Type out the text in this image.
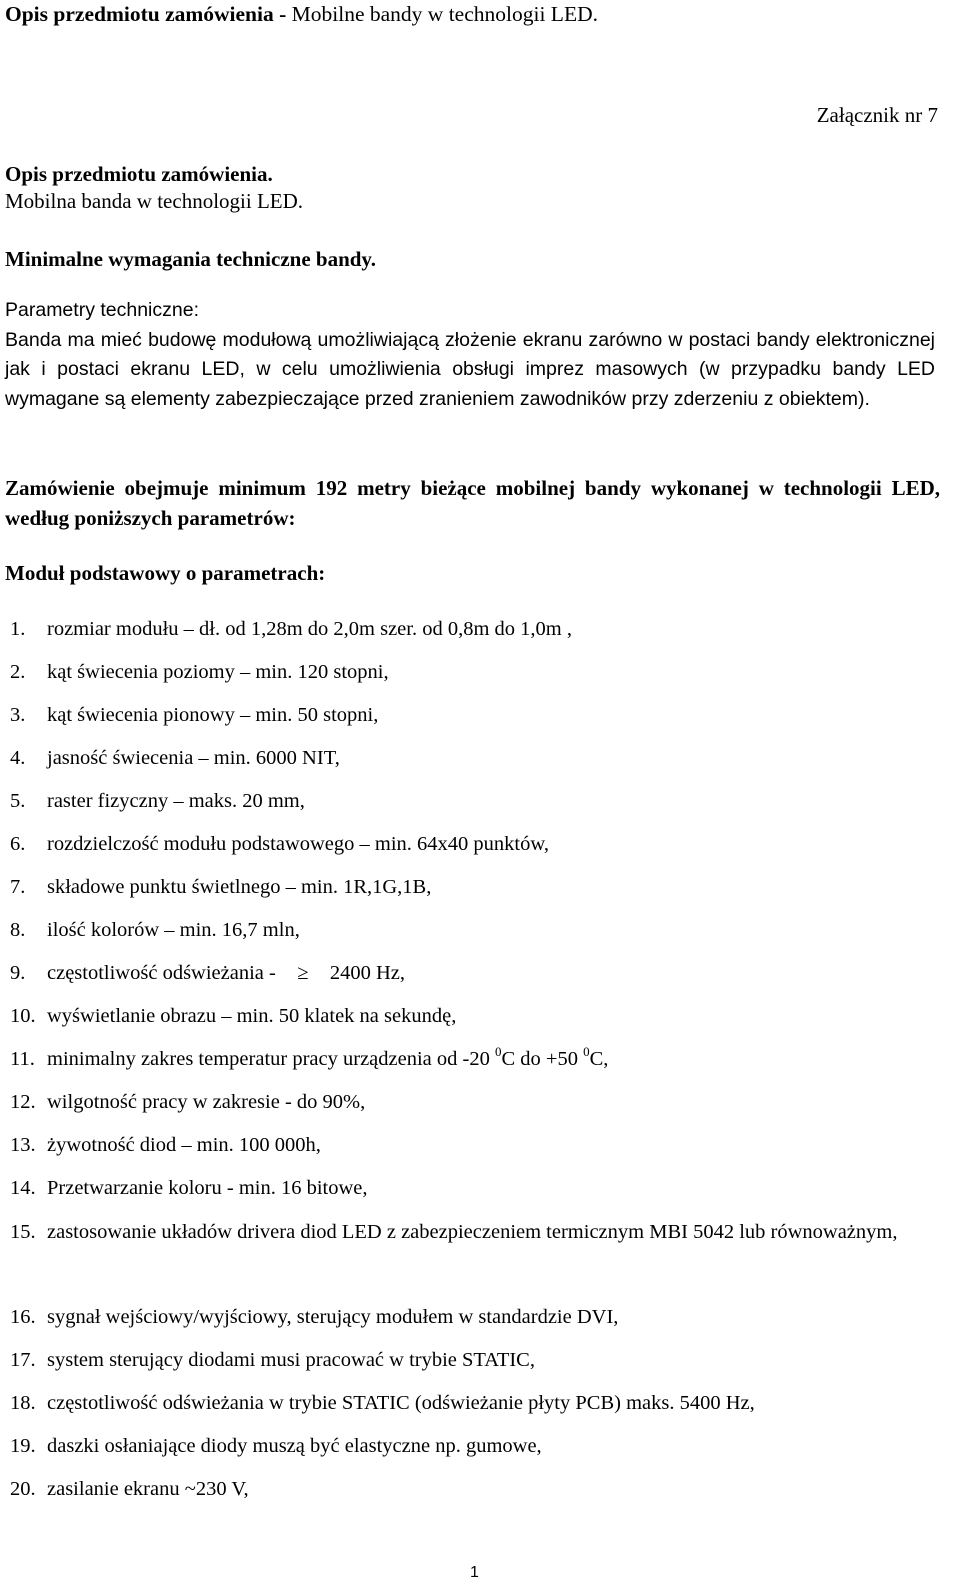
Opis przedmiotu zamówienia - Mobilne bandy w technologii LED.
Załącznik nr 7
Opis przedmiotu zamówienia.
Mobilna banda w technologii LED.
Minimalne wymagania techniczne bandy.
Parametry techniczne:
Banda ma mieć budowę modułową umożliwiającą złożenie ekranu zarówno w postaci bandy elektronicznej jak i postaci ekranu LED, w celu umożliwienia obsługi imprez masowych (w przypadku bandy LED wymagane są elementy zabezpieczające przed zranieniem zawodników przy zderzeniu z obiektem).
Zamówienie obejmuje minimum 192 metry bieżące mobilnej bandy wykonanej w technologii LED, według poniższych parametrów:
Moduł podstawowy o parametrach:
1. rozmiar modułu – dł. od 1,28m do 2,0m szer. od 0,8m do 1,0m ,
2. kąt świecenia poziomy – min. 120 stopni,
3. kąt świecenia pionowy – min. 50 stopni,
4. jasność świecenia – min. 6000 NIT,
5. raster fizyczny – maks. 20 mm,
6. rozdzielczość modułu podstawowego – min. 64x40 punktów,
7. składowe punktu świetlnego – min. 1R,1G,1B,
8. ilość kolorów – min. 16,7 mln,
9. częstotliwość odświeżania - ≥ 2400 Hz,
10. wyświetlanie obrazu – min. 50 klatek na sekundę,
11. minimalny zakres temperatur pracy urządzenia od -20 $^0$C do +50 $^0$C,
12. wilgotność pracy w zakresie - do 90%,
13. żywotność diod – min. 100 000h,
14. Przetwarzanie koloru - min. 16 bitowe,
15. zastosowanie układów drivera diod LED z zabezpieczeniem termicznym MBI 5042 lub równoważnym,
16. sygnał wejściowy/wyjściowy, sterujący modułem w standardzie DVI,
17. system sterujący diodami musi pracować w trybie STATIC,
18. częstotliwość odświeżania w trybie STATIC (odświeżanie płyty PCB) maks. 5400 Hz,
19. daszki osłaniające diody muszą być elastyczne np. gumowe,
20. zasilanie ekranu ~230 V,
1
